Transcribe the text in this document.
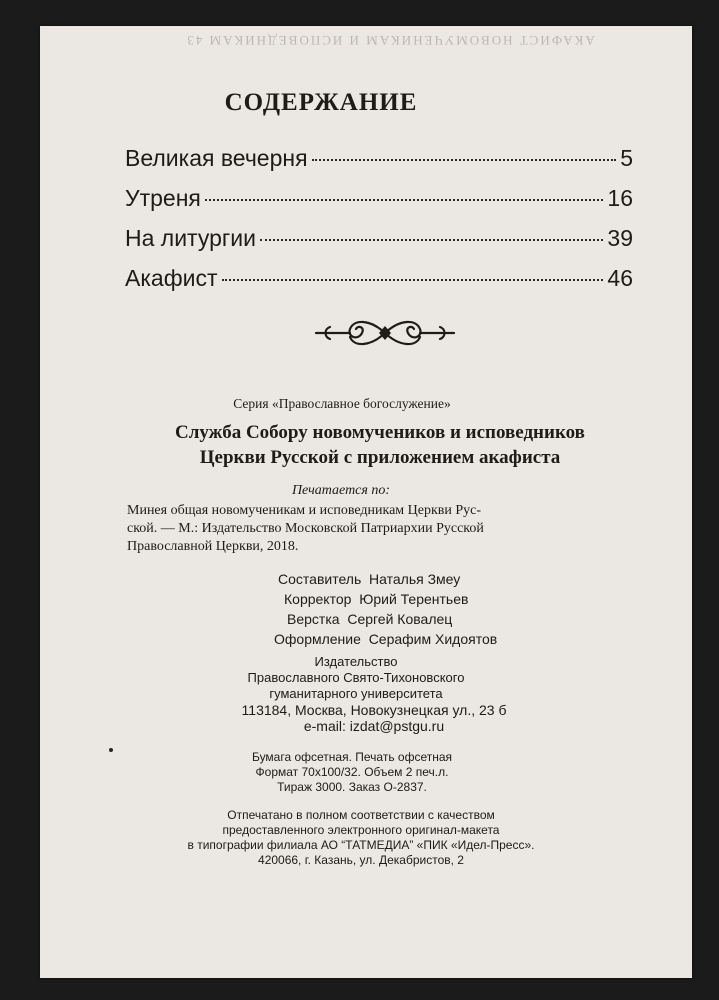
АКАФИСТ НОВОМУЧЕНИКАМ И ИСПОВЕДНИКАМ 43
СОДЕРЖАНИЕ
Великая вечерня	5
Утреня	16
На литургии	39
Акафист	46
Серия «Православное богослужение»
Служба Собору новомучеников и исповедников
Церкви Русской с приложением акафиста
Печатается по:
Минея общая новомученикам и исповедникам Церкви Рус-
ской. — М.: Издательство Московской Патриархии Русской
Православной Церкви, 2018.
Составитель Наталья Змеу
Корректор Юрий Терентьев
Верстка Сергей Ковалец
Оформление Серафим Хидоятов
Издательство
Православного Свято-Тихоновского
гуманитарного университета
113184, Москва, Новокузнецкая ул., 23 б
e-mail: izdat@pstgu.ru
Бумага офсетная. Печать офсетная
Формат 70x100/32. Объем 2 печ.л.
Тираж 3000. Заказ О-2837.
Отпечатано в полном соответствии с качеством
предоставленного электронного оригинал-макета
в типографии филиала АО “ТАТМЕДИА” «ПИК «Идел-Пресс».
420066, г. Казань, ул. Декабристов, 2
